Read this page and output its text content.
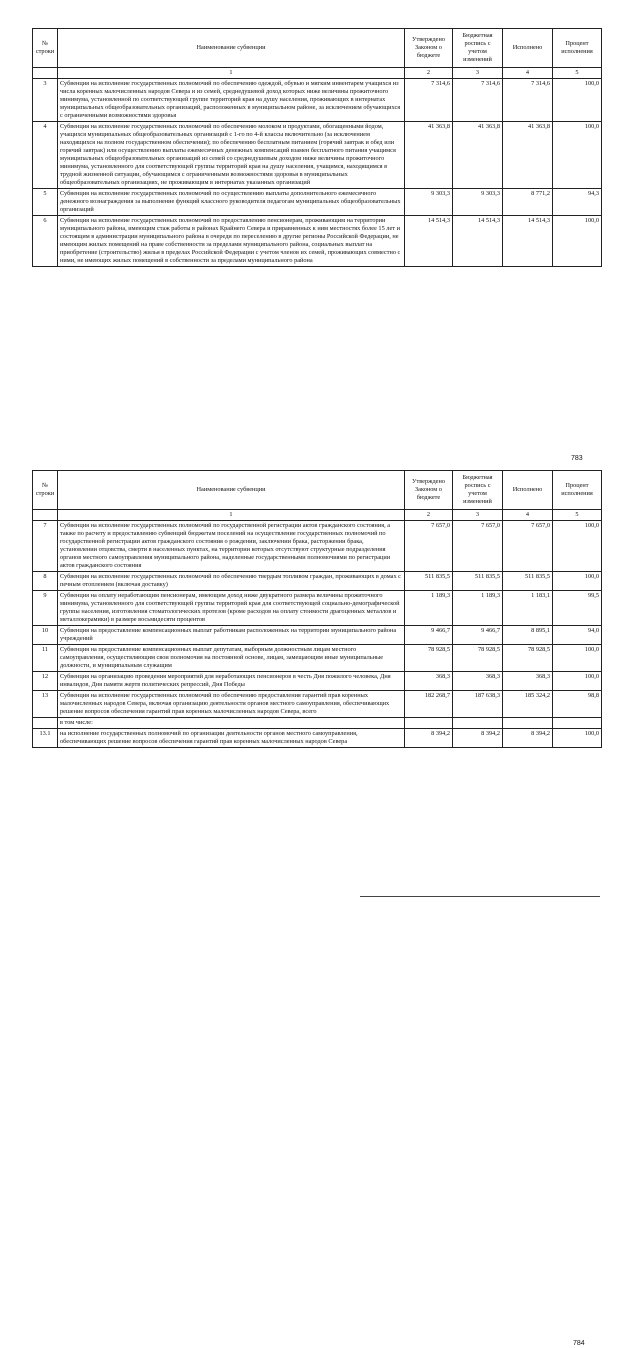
№ строки	Наименование субвенции	Утверждено Законом о бюджете	Бюджетная роспись с учетом изменений	Исполнено	Процент исполнения
	1	2	3	4	5
3	Субвенция на исполнение государственных полномочий по обеспечению одеждой, обувью и мягким инвентарем учащихся из числа коренных малочисленных народов Севера и из семей, среднедушевой доход которых ниже величины прожиточного минимума, установленной по соответствующей группе территорий края на душу населения, проживающих в интернатах муниципальных общеобразовательных организаций, расположенных в муниципальном районе, за исключением обучающихся с ограниченными возможностями здоровья	7 314,6	7 314,6	7 314,6	100,0
4	Субвенция на исполнение государственных полномочий по обеспечению молоком и продуктами, обогащенными йодом, учащихся муниципальных общеобразовательных организаций с 1-го по 4-й классы включительно (за исключением находящихся на полном государственном обеспечении); по обеспечению бесплатным питанием (горячий завтрак и обед или горячий завтрак) или осуществлению выплаты ежемесячных денежных компенсаций взамен бесплатного питания учащимся муниципальных общеобразовательных организаций из семей со среднедушевым доходом ниже величины прожиточного минимума, установленного для соответствующей группы территорий края на душу населения, учащимся, находящимся в трудной жизненной ситуации, обучающимся с ограниченными возможностями здоровья в муниципальных общеобразовательных организациях, не проживающим в интернатах указанных организаций	41 363,8	41 363,8	41 363,8	100,0
5	Субвенция на исполнение государственных полномочий по осуществлению выплаты дополнительного ежемесячного денежного вознаграждения за выполнение функций классного руководителя педагогам муниципальных общеобразовательных организаций	9 303,3	9 303,3	8 771,2	94,3
6	Субвенция на исполнение государственных полномочий по предоставлению пенсионерам, проживающим на территории муниципального района, имеющим стаж работы в районах Крайнего Севера и приравненных к ним местностях более 15 лет и состоящим в администрации муниципального района в очереди по переселению в другие регионы Российской Федерации, не имеющим жилых помещений на праве собственности за пределами муниципального района, социальных выплат на приобретение (строительство) жилья в пределах Российской Федерации с учетом членов их семей, проживающих совместно с ними, не имеющих жилых помещений в собственности за пределами муниципального района	14 514,3	14 514,3	14 514,3	100,0
783
№ строки	Наименование субвенции	Утверждено Законом о бюджете	Бюджетная роспись с учетом изменений	Исполнено	Процент исполнения
	1	2	3	4	5
7	Субвенция на исполнение государственных полномочий по государственной регистрации актов гражданского состояния, а также по расчету и предоставлению субвенций бюджетам поселений на осуществление государственных полномочий по государственной регистрации актов гражданского состояния о рождении, заключении брака, расторжении брака, установлении отцовства, смерти в населенных пунктах, на территории которых отсутствуют структурные подразделения органов местного самоуправления муниципального района, наделенные государственными полномочиями по регистрации актов гражданского состояния	7 657,0	7 657,0	7 657,0	100,0
8	Субвенция на исполнение государственных полномочий по обеспечению твердым топливом граждан, проживающих в домах с печным отоплением (включая доставку)	511 835,5	511 835,5	511 835,5	100,0
9	Субвенция на оплату неработающим пенсионерам, имеющим доход ниже двукратного размера величины прожиточного минимума, установленного для соответствующей группы территорий края для соответствующей социально-демографической группы населения, изготовления стоматологических протезов (кроме расходов на оплату стоимости драгоценных металлов и металлокерамики) в размере восьмидесяти процентов	1 189,3	1 189,3	1 183,1	99,5
10	Субвенция на предоставление компенсационных выплат работникам расположенных на территории муниципального района учреждений	9 466,7	9 466,7	8 895,1	94,0
11	Субвенция на предоставление компенсационных выплат депутатам, выборным должностным лицам местного самоуправления, осуществляющим свои полномочия на постоянной основе, лицам, замещающим иные муниципальные должности, и муниципальным служащим	78 928,5	78 928,5	78 928,5	100,0
12	Субвенция на организацию проведения мероприятий для неработающих пенсионеров в честь Дня пожилого человека, Дня инвалидов, Дня памяти жертв политических репрессий, Дня Победы	368,3	368,3	368,3	100,0
13	Субвенция на исполнение государственных полномочий по обеспечению предоставления гарантий прав коренных малочисленных народов Севера, включая организацию деятельности органов местного самоуправления, обеспечивающих решение вопросов обеспечения гарантий прав коренных малочисленных народов Севера, всего	182 268,7	187 638,3	185 324,2	98,8
	в том числе:				
13.1	на исполнение государственных полномочий по организации деятельности органов местного самоуправления, обеспечивающих решение вопросов обеспечения гарантий прав коренных малочисленных народов Севера	8 394,2	8 394,2	8 394,2	100,0
784
